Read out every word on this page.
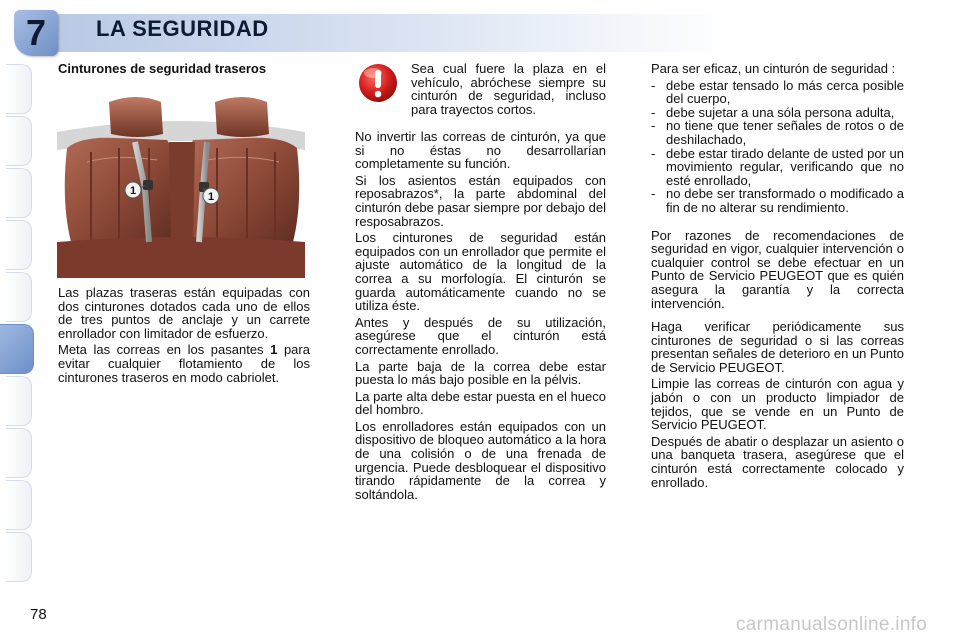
7 LA SEGURIDAD
Cinturones de seguridad traseros
1	1

Las plazas traseras están equipadas con dos cinturones dotados cada uno de ellos de tres puntos de anclaje y un carrete enrollador con limitador de esfuerzo.

Meta las correas en los pasantes 1 para evitar cualquier flotamiento de los cinturones traseros en modo cabriolet.

Sea cual fuere la plaza en el vehículo, abróchese siempre su cinturón de seguridad, incluso para trayectos cortos.

No invertir las correas de cinturón, ya que si no éstas no desarrollarían completamente su función.

Si los asientos están equipados con reposabrazos*, la parte abdominal del cinturón debe pasar siempre por debajo del resposabrazos.

Los cinturones de seguridad están equipados con un enrollador que permite el ajuste automático de la longitud de la correa a su morfología. El cinturón se guarda automáticamente cuando no se utiliza éste.

Antes y después de su utilización, asegúrese que el cinturón está correctamente enrollado.

La parte baja de la correa debe estar puesta lo más bajo posible en la pélvis.

La parte alta debe estar puesta en el hueco del hombro.

Los enrolladores están equipados con un dispositivo de bloqueo automático a la hora de una colisión o de una frenada de urgencia. Puede desbloquear el dispositivo tirando rápidamente de la correa y soltándola.

Para ser eficaz, un cinturón de seguridad :

- debe estar tensado lo más cerca posible del cuerpo,
- debe sujetar a una sóla persona adulta,
- no tiene que tener señales de rotos o de deshilachado,
- debe estar tirado delante de usted por un movimiento regular, verificando que no esté enrollado,
- no debe ser transformado o modificado a fin de no alterar su rendimiento.

Por razones de recomendaciones de seguridad en vigor, cualquier intervención o cualquier control se debe efectuar en un Punto de Servicio PEUGEOT que es quién asegura la garantía y la correcta intervención.

Haga verificar periódicamente sus cinturones de seguridad o si las correas presentan señales de deterioro en un Punto de Servicio PEUGEOT.

Limpie las correas de cinturón con agua y jabón o con un producto limpiador de tejidos, que se vende en un Punto de Servicio PEUGEOT.

Después de abatir o desplazar un asiento o una banqueta trasera, asegúrese que el cinturón está correctamente colocado y enrollado.

78	carmanualsonline.info
